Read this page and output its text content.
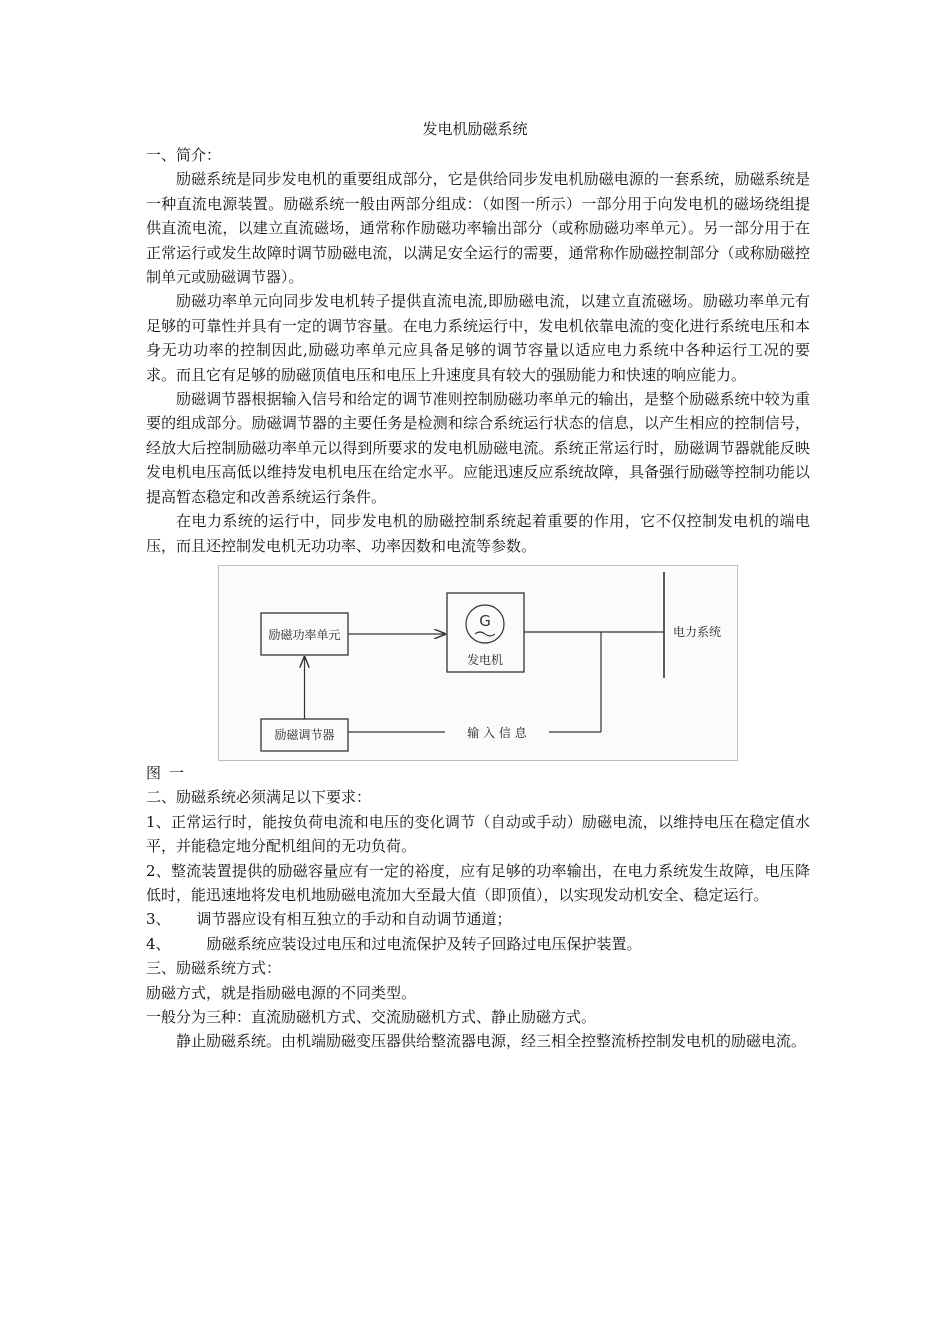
发电机励磁系统

一、简介：

励磁系统是同步发电机的重要组成部分，它是供给同步发电机励磁电源的一套系统，励磁系统是一种直流电源装置。励磁系统一般由两部分组成：（如图一所示）一部分用于向发电机的磁场绕组提供直流电流，以建立直流磁场，通常称作励磁功率输出部分（或称励磁功率单元）。另一部分用于在正常运行或发生故障时调节励磁电流，以满足安全运行的需要，通常称作励磁控制部分（或称励磁控制单元或励磁调节器）。

励磁功率单元向同步发电机转子提供直流电流,即励磁电流，以建立直流磁场。励磁功率单元有足够的可靠性并具有一定的调节容量。在电力系统运行中，发电机依靠电流的变化进行系统电压和本身无功功率的控制因此,励磁功率单元应具备足够的调节容量以适应电力系统中各种运行工况的要求。而且它有足够的励磁顶值电压和电压上升速度具有较大的强励能力和快速的响应能力。

励磁调节器根据输入信号和给定的调节准则控制励磁功率单元的输出，是整个励磁系统中较为重要的组成部分。励磁调节器的主要任务是检测和综合系统运行状态的信息，以产生相应的控制信号，经放大后控制励磁功率单元以得到所要求的发电机励磁电流。系统正常运行时，励磁调节器就能反映发电机电压高低以维持发电机电压在给定水平。应能迅速反应系统故障，具备强行励磁等控制功能以提高暂态稳定和改善系统运行条件。

在电力系统的运行中，同步发电机的励磁控制系统起着重要的作用，它不仅控制发电机的端电压，而且还控制发电机无功功率、功率因数和电流等参数。

励磁功率单元
G
发电机
电力系统
输 入 信 息
励磁调节器

图一

二、励磁系统必须满足以下要求：

1、正常运行时，能按负荷电流和电压的变化调节（自动或手动）励磁电流，以维持电压在稳定值水平，并能稳定地分配机组间的无功负荷。

2、整流装置提供的励磁容量应有一定的裕度，应有足够的功率输出，在电力系统发生故障，电压降低时，能迅速地将发电机地励磁电流加大至最大值（即顶值），以实现发动机安全、稳定运行。

3、 调节器应设有相互独立的手动和自动调节通道；

4、 励磁系统应装设过电压和过电流保护及转子回路过电压保护装置。

三、励磁系统方式：

励磁方式，就是指励磁电源的不同类型。

一般分为三种：直流励磁机方式、交流励磁机方式、静止励磁方式。

静止励磁系统。由机端励磁变压器供给整流器电源，经三相全控整流桥控制发电机的励磁电流。
